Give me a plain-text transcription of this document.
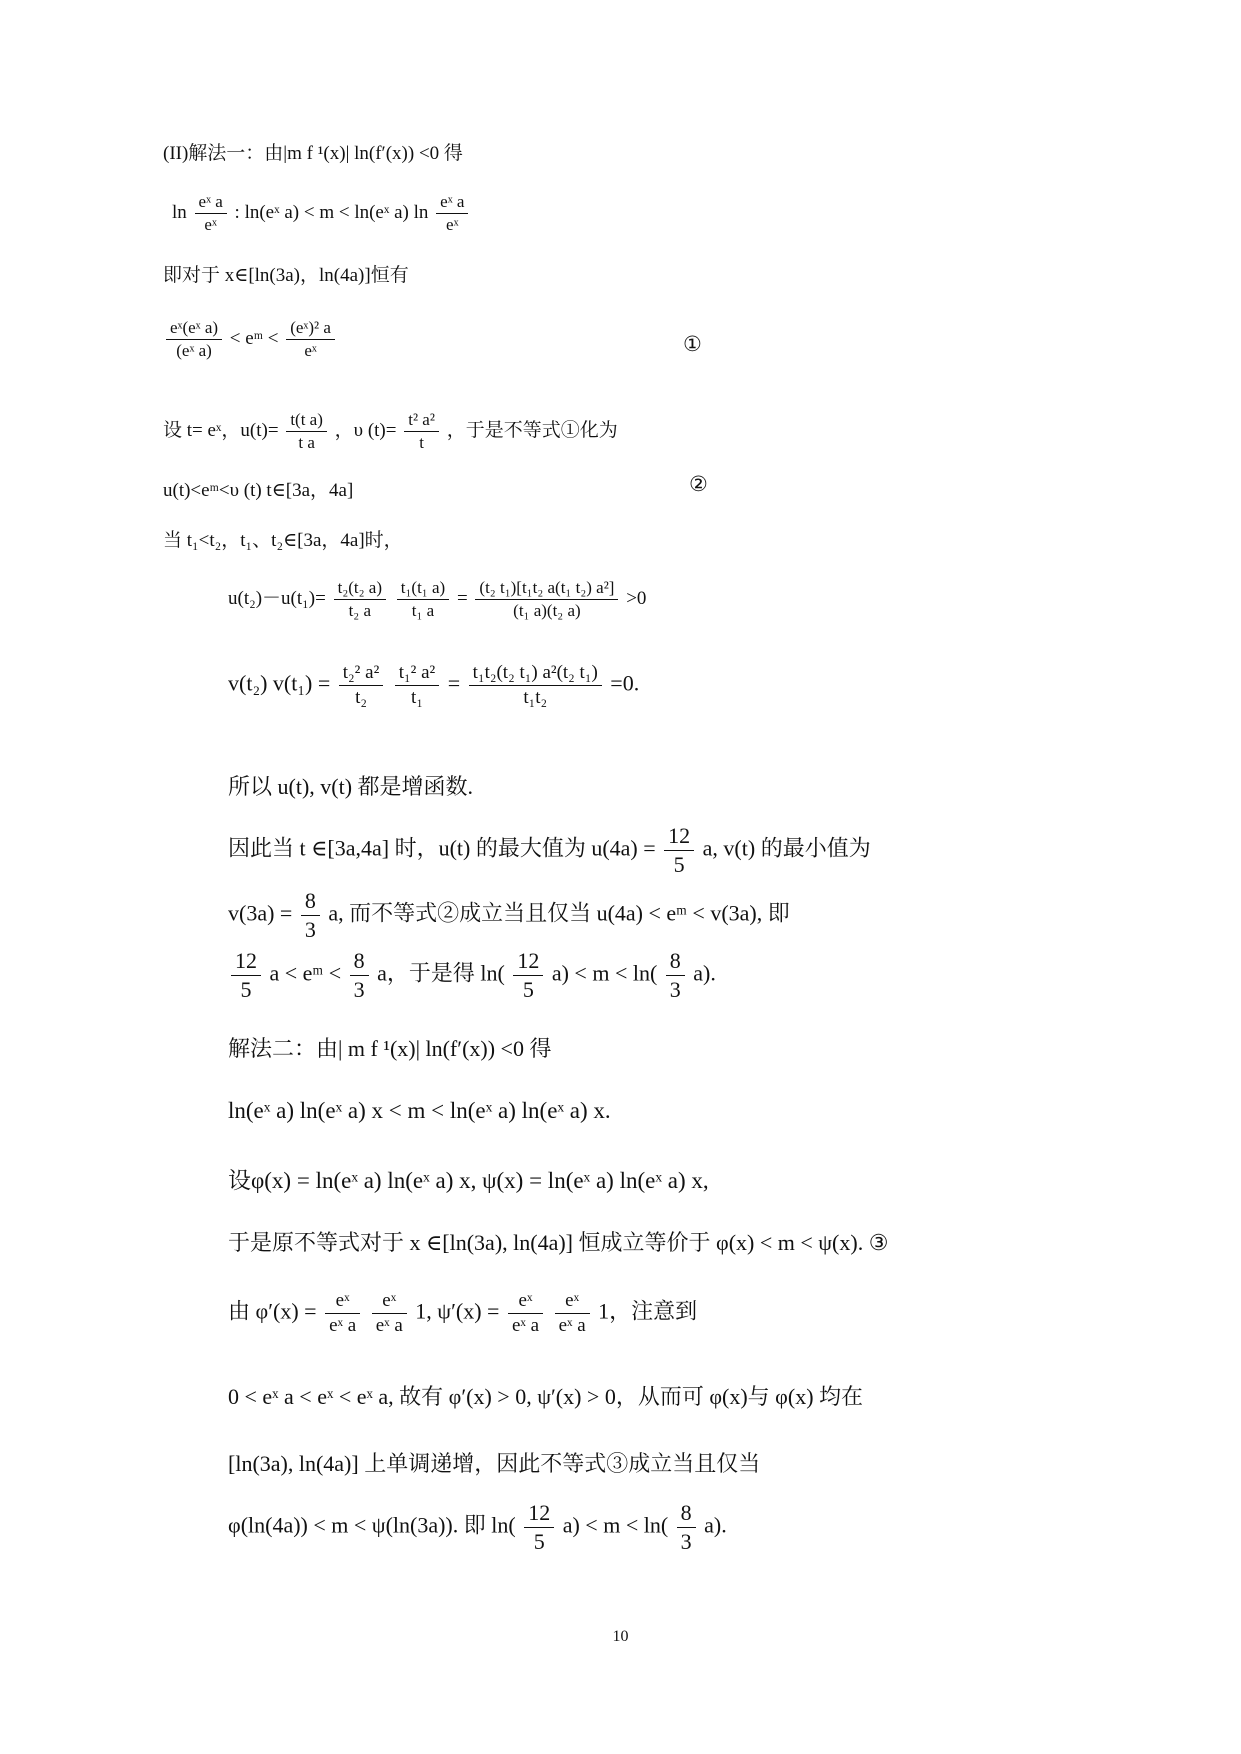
(II)解法一：由|m f ¹(x)| ln(f′(x)) <0 得
$\ln \frac{\text{eˣ a}}{\text{eˣ}}$ : ln(eˣ a) < m < ln(eˣ a) $\ln \frac{\text{eˣ a}}{\text{eˣ}}$
即对于 x∈[ln(3a)，ln(4a)]恒有
$\frac{\text{eˣ(eˣ a)}}{\text{(eˣ a)}}$ < eᵐ < $\frac{\text{(eˣ)² a}}{\text{eˣ}}$	①
设 t= eˣ，$u(t)= \frac{\text{t(t a)}}{\text{t a}}$ ，υ $(t)= \frac{\text{t² a²}}{t}$ ，于是不等式①化为
u(t)<eᵐ<υ (t) t∈[3a，4a]	②
当 t₁<t₂，t₁、t₂∈[3a，4a]时，
$u(t_2)-u(t_1)= \frac{\text{t₂(t₂ a)}}{\text{t₂ a}}$
$\frac{\text{t₁(t₁ a)}}{\text{t₁ a}} = \frac{\text{(t₂ t₁)[t₁t₂ a(t₁ t₂) a²]}}{\text{(t₁ a)(t₂ a)}} >0$
v(t₂) $v(t_1) = \frac{\text{t₂² a²}}{\text{t₂}}$
$\frac{\text{t₁² a²}}{\text{t₁}} = \frac{\text{t₁t₂(t₂ t₁) a²(t₂ t₁)}}{\text{t₁t₂}} =0$.
所以 u(t), v(t) 都是增函数.
因此当 t ∈[3a,4a] 时，u(t) 的最大值为 $u(4a) = \frac{12}{5} a$, v(t) 的最小值为
$v(3a) = \frac{8}{3} a$, 而不等式②成立当且仅当 u(4a) < eᵐ < v(3a), 即
$\frac{12}{5}$ a < eᵐ < $\frac{8}{3}$ a，于是得 $\ln( \frac{12}{5} a) < m < \ln( \frac{8}{3} a)$.
解法二：由| m f ¹(x)| ln(f′(x)) <0 得
ln(eˣ a) ln(eˣ a) x < m < ln(eˣ a) ln(eˣ a) x.
设φ(x) = ln(eˣ a) ln(eˣ a) x, ψ(x) = ln(eˣ a) ln(eˣ a) x,
于是原不等式对于 x ∈[ln(3a), ln(4a)] 恒成立等价于 φ(x) < m < ψ(x). ③
由 $\varphi'(x) = \frac{\text{eˣ}}{\text{eˣ a}}$
$\frac{\text{eˣ}}{\text{eˣ a}} 1$, $\psi'(x) = \frac{\text{eˣ}}{\text{eˣ a}}$
$\frac{\text{eˣ}}{\text{eˣ a}} 1$，注意到
0 < eˣ a < eˣ < eˣ a, 故有 φ′(x) > 0, ψ′(x) > 0，从而可 φ(x)与 φ(x) 均在
[ln(3a), ln(4a)] 上单调递增，因此不等式③成立当且仅当
φ(ln(4a)) < m < ψ(ln(3a)). 即 $\ln( \frac{12}{5} a) < m < \ln( \frac{8}{3} a)$.
10
